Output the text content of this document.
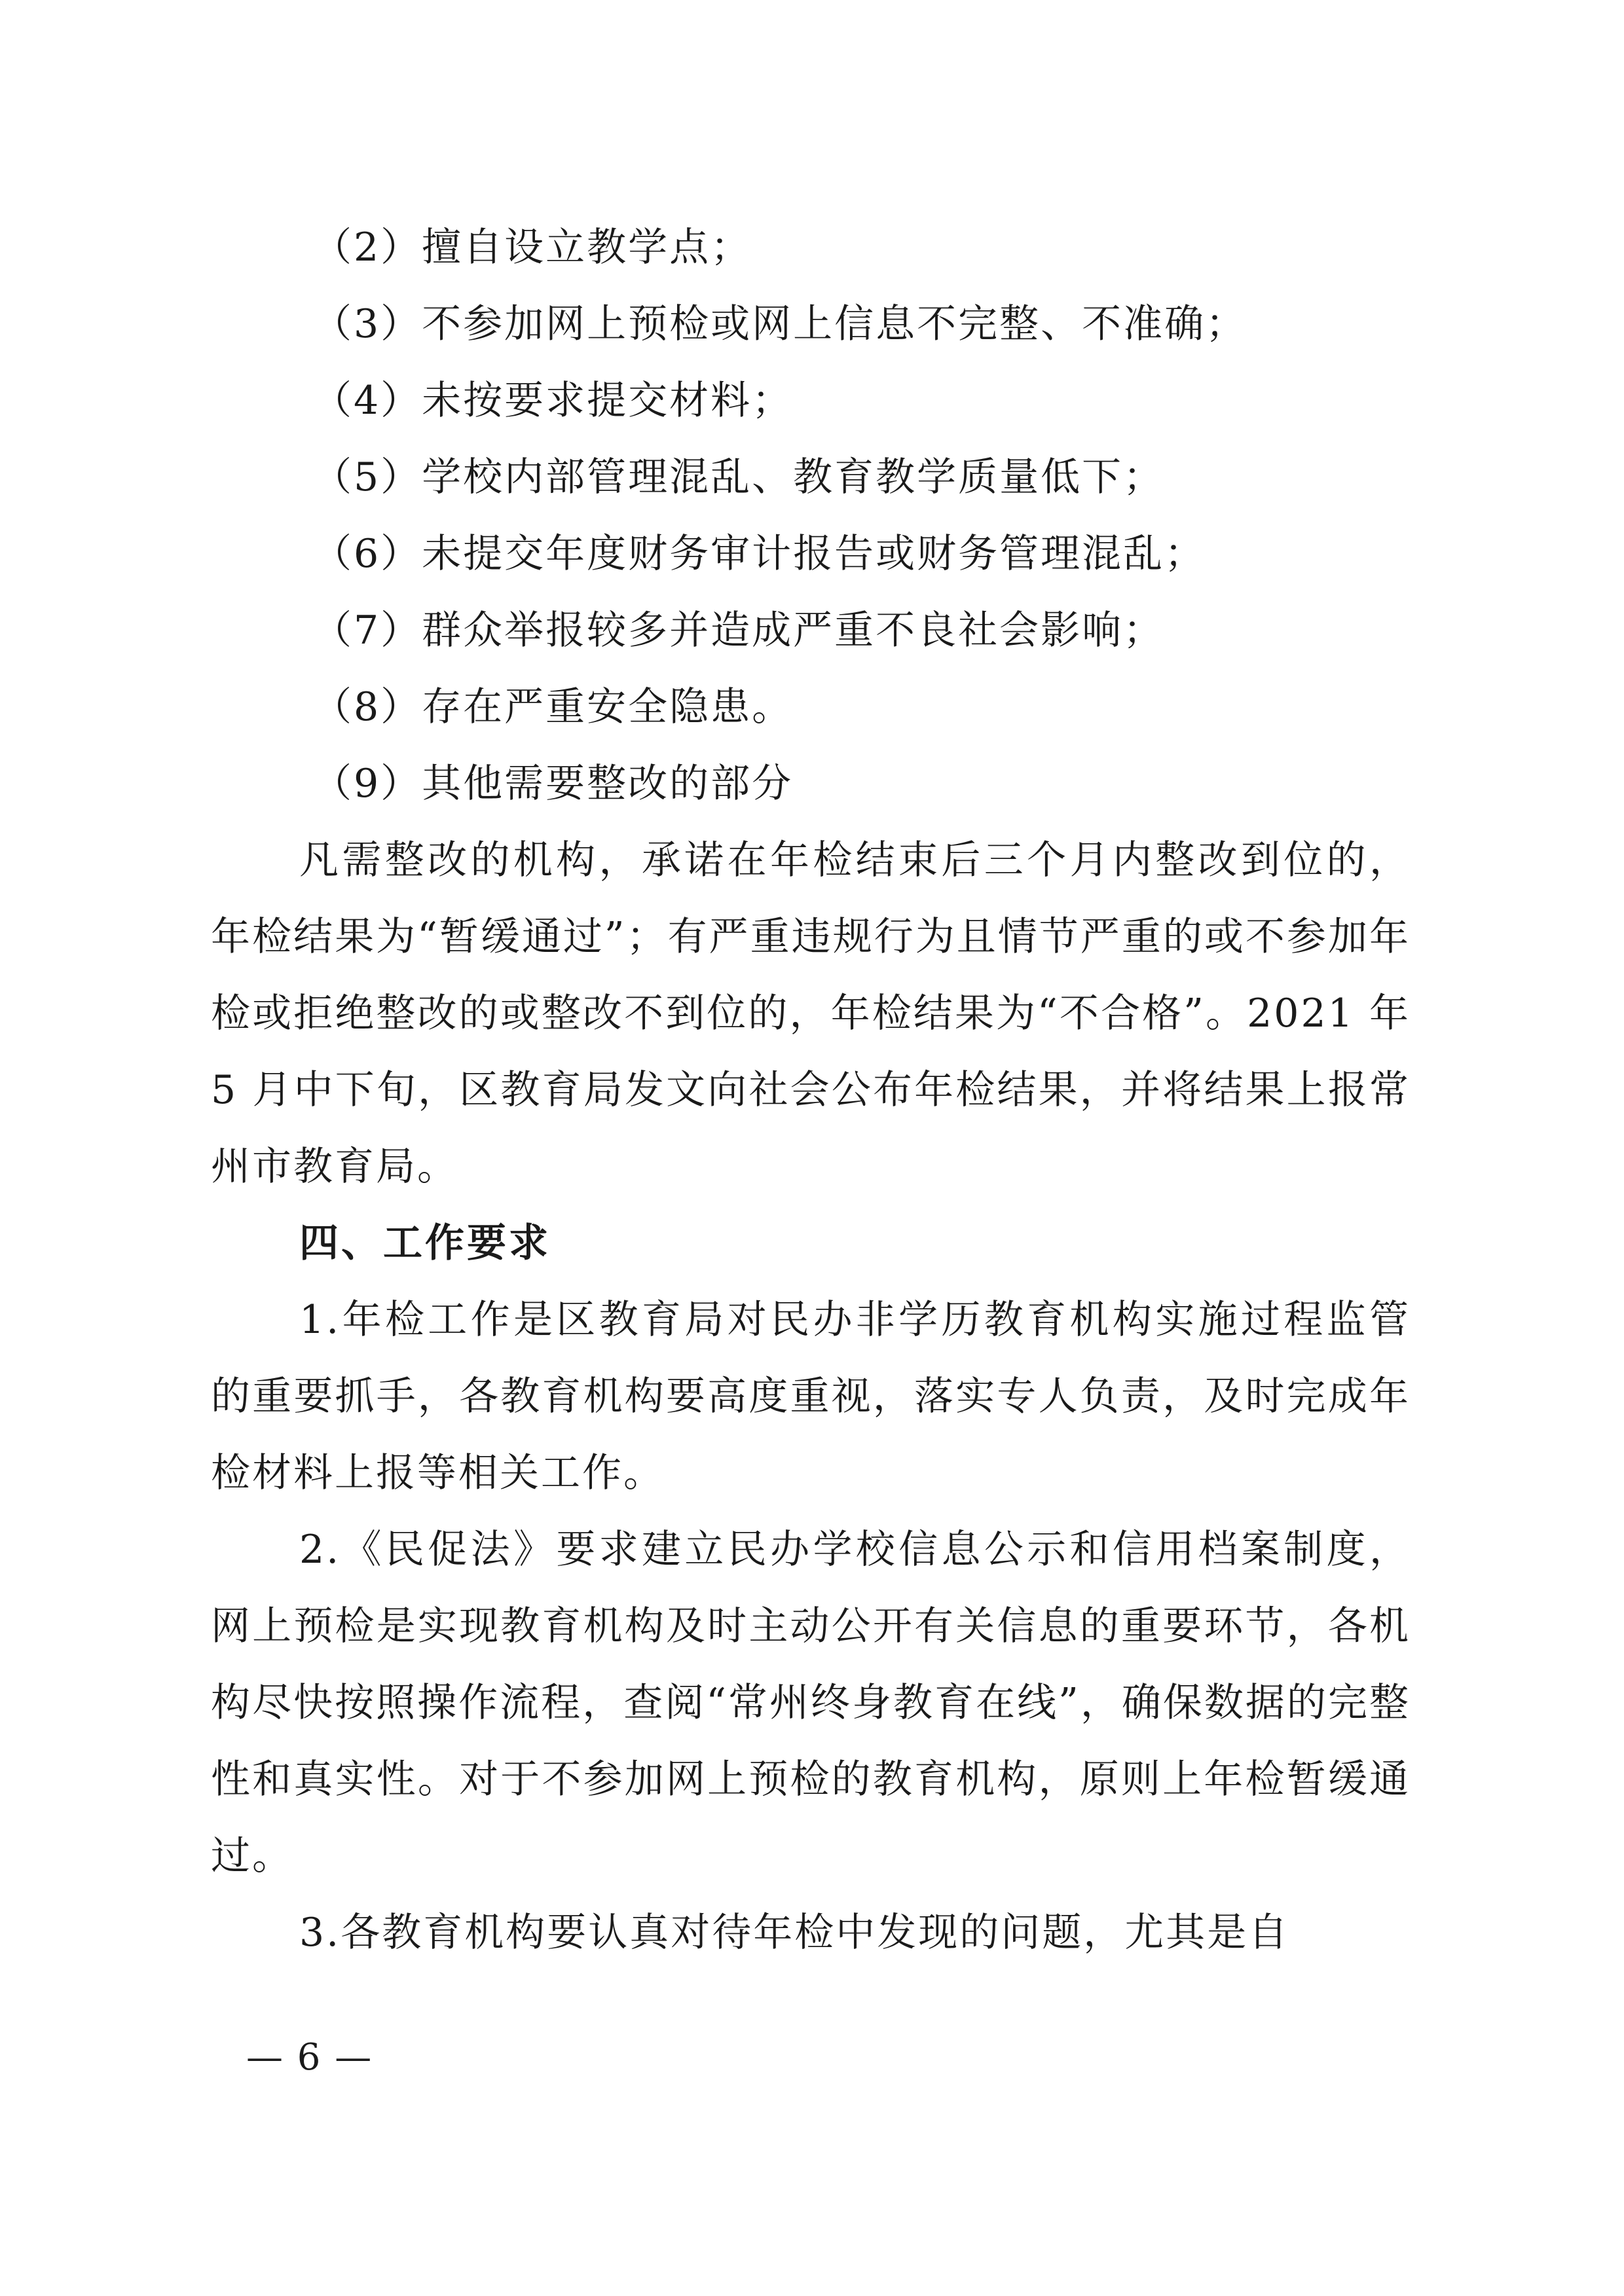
（2）擅自设立教学点；
（3）不参加网上预检或网上信息不完整、不准确；
（4）未按要求提交材料；
（5）学校内部管理混乱、教育教学质量低下；
（6）未提交年度财务审计报告或财务管理混乱；
（7）群众举报较多并造成严重不良社会影响；
（8）存在严重安全隐患。
（9）其他需要整改的部分

凡需整改的机构，承诺在年检结束后三个月内整改到位的，年检结果为“暂缓通过”；有严重违规行为且情节严重的或不参加年检或拒绝整改的或整改不到位的，年检结果为“不合格”。2021 年 5 月中下旬，区教育局发文向社会公布年检结果，并将结果上报常州市教育局。

四、工作要求

1.年检工作是区教育局对民办非学历教育机构实施过程监管的重要抓手，各教育机构要高度重视，落实专人负责，及时完成年检材料上报等相关工作。

2.《民促法》要求建立民办学校信息公示和信用档案制度，网上预检是实现教育机构及时主动公开有关信息的重要环节，各机构尽快按照操作流程，查阅“常州终身教育在线”，确保数据的完整性和真实性。对于不参加网上预检的教育机构，原则上年检暂缓通过。

3.各教育机构要认真对待年检中发现的问题，尤其是自

— 6 —
